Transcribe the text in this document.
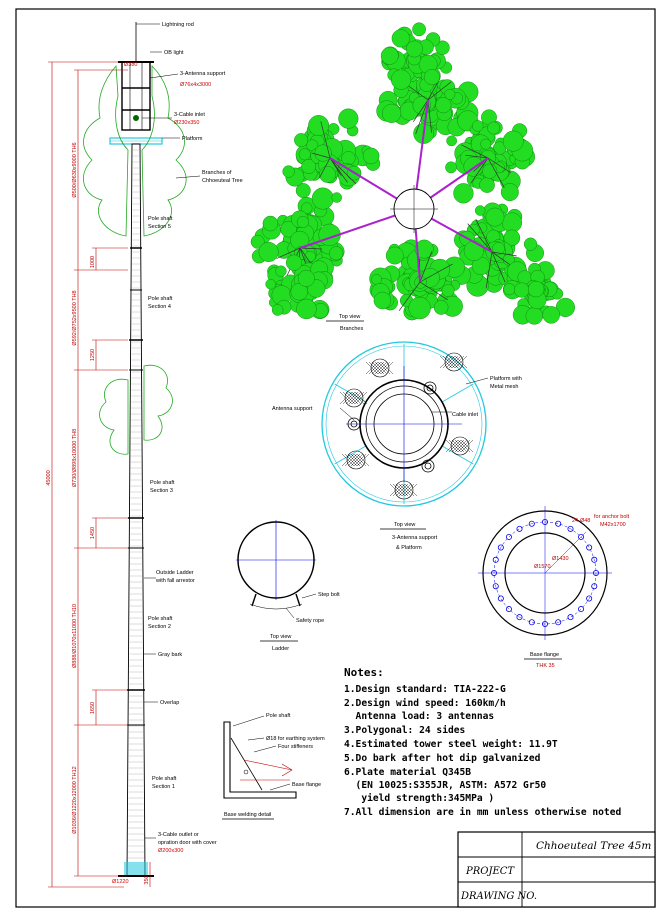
45000
Ø500/Ø630x9000 TH6
1000
Ø592/Ø752x9500 TH8
1250
Ø730/Ø898x10000 TH8
1450
Ø888/Ø1070x11000 TH10
1650
Ø1036/Ø1220x12000 TH12
350
Lightning rod
OB light
3-Antenna support
Ø76x4x3000
3-Cable inlet
Ø230x350
Platform
Branches of
Chhoeuteal Tree
Pole shaft
Section 5
Pole shaft
Section 4
Pole shaft
Section 3
Outside Ladder
with fall arrestor
Pole shaft
Section 2
Gray bark
Overlap
Pole shaft
Section 1
3-Cable outlet or
opration door with cover
Ø200x300
Ø380
Ø1220
Top view
Branches
Platform with
Metal mesh
Antenna support
Cable inlet
Top view
3-Antenna support
& Platform
Step bolt
Safety rope
Top view
Ladder
24-Ø48
for anchor bolt
M42x1700
Ø1430
Ø1570
Base flange
THK 35
Pole shaft
Ø18 for earthing system
Four stiffeners
Base flange
Base welding detail
Notes:
1.Design standard: TIA-222-G
2.Design wind speed: 160km/h
Antenna load: 3 antennas
3.Polygonal: 24 sides
4.Estimated tower steel weight: 11.9T
5.Do bark after hot dip galvanized
6.Plate material Q345B
(EN 10025:S355JR, ASTM: A572 Gr50
yield strength:345MPa )
7.All dimension are in mm unless otherwise noted
Chhoeuteal Tree 45m
PROJECT
DRAWING NO.
